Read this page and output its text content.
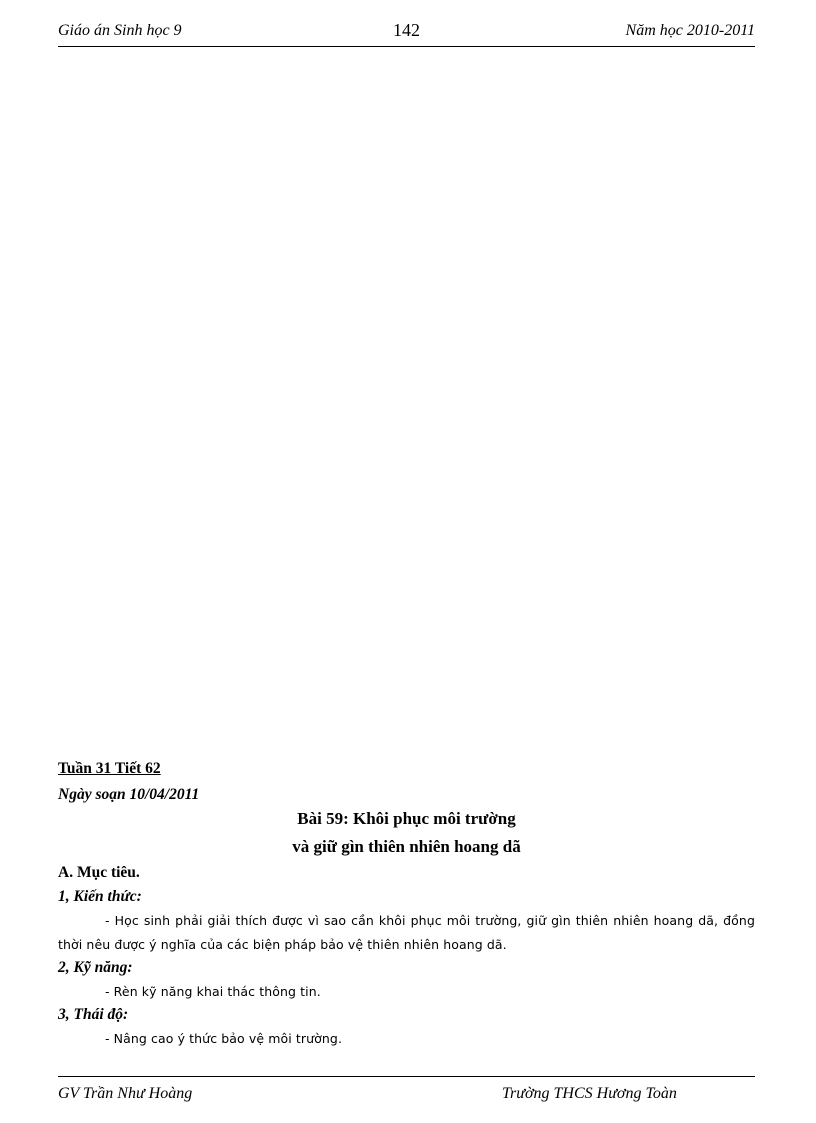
Giáo án Sinh học 9	142	Năm học 2010-2011
Tuần 31 Tiết 62
Ngày soạn 10/04/2011
Bài 59: Khôi phục môi trường
và giữ gìn thiên nhiên hoang dã
A. Mục tiêu.
1, Kiến thức:
- Học sinh phải giải thích được vì sao cần khôi phục môi trường, giữ gìn thiên nhiên hoang dã, đồng
thời nêu được ý nghĩa của các biện pháp bảo vệ thiên nhiên hoang dã.
2, Kỹ năng:
- Rèn kỹ năng khai thác thông tin.
3, Thái độ:
- Nâng cao ý thức bảo vệ môi trường.
GV Trần Như Hoàng	Trường THCS Hương Toàn
